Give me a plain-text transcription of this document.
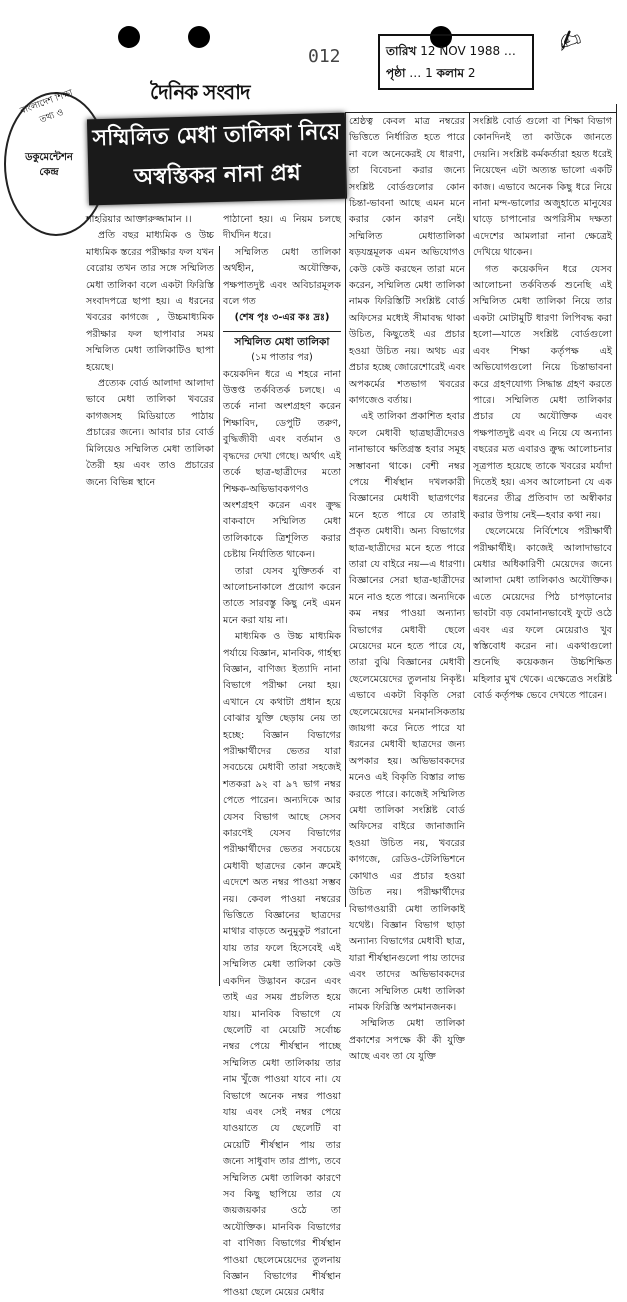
দৈনিক সংবাদ
012	তারিখ 12 NOV 1988 …
পৃষ্ঠা … 1 কলাম 2
✍
বাংলাদেশ শিক্ষা তথ্য ও
ডকুমেন্টেশন
কেন্দ্র
সম্মিলিত মেধা তালিকা নিয়ে
অস্বস্তিকর নানা প্রশ্ন

শাহরিয়ার আক্তারুজ্জামান ।।

প্রতি বছর মাধ্যমিক ও উচ্চ মাধ্যমিক স্তরের পরীক্ষার ফল যখন বেরোয় তখন তার সঙ্গে সম্মিলিত মেধা তালিকা বলে একটা ফিরিস্তি সংবাদপত্রে ছাপা হয়। এ ধরনের খবরের কাগজে , উচ্চমাধ্যমিক পরীক্ষার ফল ছাপাবার সময় সম্মিলিত মেধা তালিকাটিও ছাপা হয়েছে।

প্রত্যেক বোর্ড আলাদা আলাদা ভাবে মেধা তালিকা খবরের কাগজসহ মিডিয়াতে পাঠায় প্রচারের জন্যে। আবার চার বোর্ড মিলিয়েও সম্মিলিত মেধা তালিকা তৈরী হয় এবং তাও প্রচারের জন্যে বিভিন্ন স্থানে

পাঠানো হয়। এ নিয়ম চলছে দীর্ঘদিন ধরে।

সম্মিলিত মেধা তালিকা অর্থহীন, অযৌক্তিক, পক্ষপাতদুষ্ট এবং অবিচারমূলক বলে গত

(শেষ পৃঃ ৩-এর কঃ দ্রঃ)

সম্মিলিত মেধা তালিকা

(১ম পাতার পর)

কয়েকদিন ধরে এ শহরে নানা উত্তপ্ত তর্কবিতর্ক চলছে। এ তর্কে নানা অংশগ্রহণ করেন শিক্ষাবিদ, ডেপুটি তরুণ, বুদ্ধিজীবী এবং বর্তমান ও বৃদ্ধদের দেখা গেছে। অর্থাৎ এই তর্কে ছাত্র-ছাত্রীদের মতো শিক্ষক-অভিভাবকগণও অংশগ্রহণ করেন এবং ক্রুদ্ধ বাকবাদে সম্মিলিত মেধা তালিকাকে ত্রিশূলিত করার চেষ্টায় নির্যাতিত থাকেন।

তারা যেসব যুক্তিতর্ক বা আলোচনাকালে প্রয়োগ করেন তাতে সারবস্তু কিছু নেই এমন মনে করা যায় না।

মাধ্যমিক ও উচ্চ মাধ্যমিক পর্যায়ে বিজ্ঞান, মানবিক, গার্হস্থ্য বিজ্ঞান, বাণিজ্য ইত্যাদি নানা বিভাগে পরীক্ষা নেয়া হয়। এখানে যে কথাটা প্রধান হয়ে বোঝার যুক্তি ছেড়ায় নেয় তা হচ্ছে: বিজ্ঞান বিভাগের পরীক্ষার্থীদের ভেতর যারা সবচেয়ে মেধাবী তারা সহজেই শতকরা ৯২ বা ৯৭ ভাগ নম্বর পেতে পারেন। অন্যদিকে আর যেসব বিভাগ আছে সেসব কারণেই যেসব বিভাগের পরীক্ষার্থীদের ভেতর সবচেয়ে মেধাবী ছাত্রদের কোন ক্রমেই এদেশে অত নম্বর পাওয়া সম্ভব নয়। কেবল পাওয়া নম্বরের ভিত্তিতে বিজ্ঞানের ছাত্রদের মাথার বাড়তে অনুমুকুট পরানো যায় তার ফলে হিসেবেই এই সম্মিলিত মেধা তালিকা কেউ একদিন উদ্ভাবন করেন এবং তাই এর সময় প্রচলিত হয়ে যায়। মানবিক বিভাগে যে ছেলেটি বা মেয়েটি সর্বোচ্চ নম্বর পেয়ে শীর্ষস্থান পাচ্ছে সম্মিলিত মেধা তালিকায় তার নাম খুঁজে পাওয়া যাবে না। যে বিভাগে অনেক নম্বর পাওয়া যায় এবং সেই নম্বর পেয়ে যাওয়াতে যে ছেলেটি বা মেয়েটি শীর্ষস্থান পায় তার জন্যে সাধুবাদ তার প্রাপ্য, তবে সম্মিলিত মেধা তালিকা কারণে সব কিছু ছাপিয়ে তার যে জয়জয়কার ওঠে তা অযৌক্তিক। মানবিক বিভাগের বা বাণিজ্য বিভাগের শীর্ষস্থান পাওয়া ছেলেমেয়েদের তুলনায় বিজ্ঞান বিভাগের শীর্ষস্থান পাওয়া ছেলে মেয়ের মেধার

শ্রেষ্ঠত্ব কেবল মাত্র নম্বরের ভিত্তিতে নির্ধারিত হতে পারে না বলে অনেকেরই যে ধারণা, তা বিবেচনা করার জন্যে সংশ্লিষ্ট বোর্ডগুলোর কোন চিন্তা-ভাবনা আছে এমন মনে করার কোন কারণ নেই। সম্মিলিত মেধাতালিকা ষড়যন্ত্রমূলক এমন অভিযোগও কেউ কেউ করছেন তারা মনে করেন, সম্মিলিত মেধা তালিকা নামক ফিরিস্তিটি সংশ্লিষ্ট বোর্ড অফিসের মধ্যেই সীমাবদ্ধ থাকা উচিত, কিছুতেই এর প্রচার হওয়া উচিত নয়। অথচ এর প্রচার হচ্ছে জোরেশোরেই এবং অপকর্মের শতভাগ খবরের কাগজেও বর্তায়।

এই তালিকা প্রকাশিত হবার ফলে মেধাবী ছাত্রছাত্রীদেরও নানাভাবে ক্ষতিগ্রস্ত হবার সমূহ সম্ভাবনা থাকে। বেশী নম্বর পেয়ে শীর্ষস্থান দখলকারী বিজ্ঞানের মেধাবী ছাত্রগণের মনে হতে পারে যে তারাই প্রকৃত মেধাবী। অন্য বিভাগের ছাত্র-ছাত্রীদের মনে হতে পারে তারা যে বাইরে নয়—এ ধারণা। বিজ্ঞানের সেরা ছাত্র-ছাত্রীদের মনে নাও হতে পারে। অন্যদিকে কম নম্বর পাওয়া অন্যান্য বিভাগের মেধাবী ছেলে মেয়েদের মনে হতে পারে যে, তারা বুঝি বিজ্ঞানের মেধাবী ছেলেমেয়েদের তুলনায় নিকৃষ্ট। এভাবে একটা বিকৃতি সেরা ছেলেমেয়েদের মনমানসিকতায় জায়গা করে নিতে পারে যা ধরনের মেধাবী ছাত্রদের জন্য অপকার হয়। অভিভাবকদের মনেও এই বিকৃতি বিস্তার লাভ করতে পারে। কাজেই সম্মিলিত মেধা তালিকা সংশ্লিষ্ট বোর্ড অফিসের বাইরে জানাজানি হওয়া উচিত নয়, খবরের কাগজে, রেডিও-টেলিভিশনে কোথাও এর প্রচার হওয়া উচিত নয়। পরীক্ষার্থীদের বিভাগওয়ারী মেধা তালিকাই যথেষ্ট। বিজ্ঞান বিভাগ ছাড়া অন্যান্য বিভাগের মেধাবী ছাত্র, যারা শীর্ষস্থানগুলো পায় তাদের এবং তাদের অভিভাবকদের জন্যে সম্মিলিত মেধা তালিকা নামক ফিরিস্তি অপমানজনক।

সম্মিলিত মেধা তালিকা প্রকাশের সপক্ষে কী কী যুক্তি আছে এবং তা যে যুক্তি

সংশ্লিষ্ট বোর্ড গুলো বা শিক্ষা বিভাগ কোনদিনই তা কাউকে জানতে দেয়নি। সংশ্লিষ্ট কর্মকর্তারা হয়ত ধরেই নিয়েছেন এটা অত্যন্ত ভালো একটি কাজ। এভাবে অনেক কিছু ধরে নিয়ে নানা মন্দ-ভালোর অজুহাতে মানুষের ঘাড়ে চাপানোর অপরিসীম দক্ষতা এদেশের আমলারা নানা ক্ষেত্রেই দেখিয়ে থাকেন।

গত কয়েকদিন ধরে যেসব আলোচনা তর্কবিতর্ক শুনেছি এই সম্মিলিত মেধা তালিকা নিয়ে তার একটা মোটামুটি ধারণা লিপিবদ্ধ করা হলো—যাতে সংশ্লিষ্ট বোর্ডগুলো এবং শিক্ষা কর্তৃপক্ষ এই অভিযোগগুলো নিয়ে চিন্তাভাবনা করে গ্রহণযোগ্য সিদ্ধান্ত গ্রহণ করতে পারে। সম্মিলিত মেধা তালিকার প্রচার যে অযৌক্তিক এবং পক্ষপাতদুষ্ট এবং এ নিয়ে যে অন্যান্য বছরের মত এবারও ক্রুদ্ধ আলোচনার সূত্রপাত হয়েছে তাকে খবরের মর্যাদা দিতেই হয়। এসব আলোচনা যে এক ধরনের তীব্র প্রতিবাদ তা অস্বীকার করার উপায় নেই—হবার কথা নয়।

ছেলেমেয়ে নির্বিশেষে পরীক্ষার্থী পরীক্ষার্থীই। কাজেই আলাদাভাবে মেধার অধিকারিণী মেয়েদের জন্যে আলাদা মেধা তালিকাও অযৌক্তিক। এতে মেয়েদের পিঠ চাপড়ানোর ভাবটা বড় বেমানানভাবেই ফুটে ওঠে এবং এর ফলে মেয়েরাও খুব স্বস্তিবোধ করেন না। একথাগুলো শুনেছি কয়েকজন উচ্চশিক্ষিত মহিলার মুখ থেকে। এক্ষেত্রেও সংশ্লিষ্ট বোর্ড কর্তৃপক্ষ ভেবে দেখতে পারেন।
